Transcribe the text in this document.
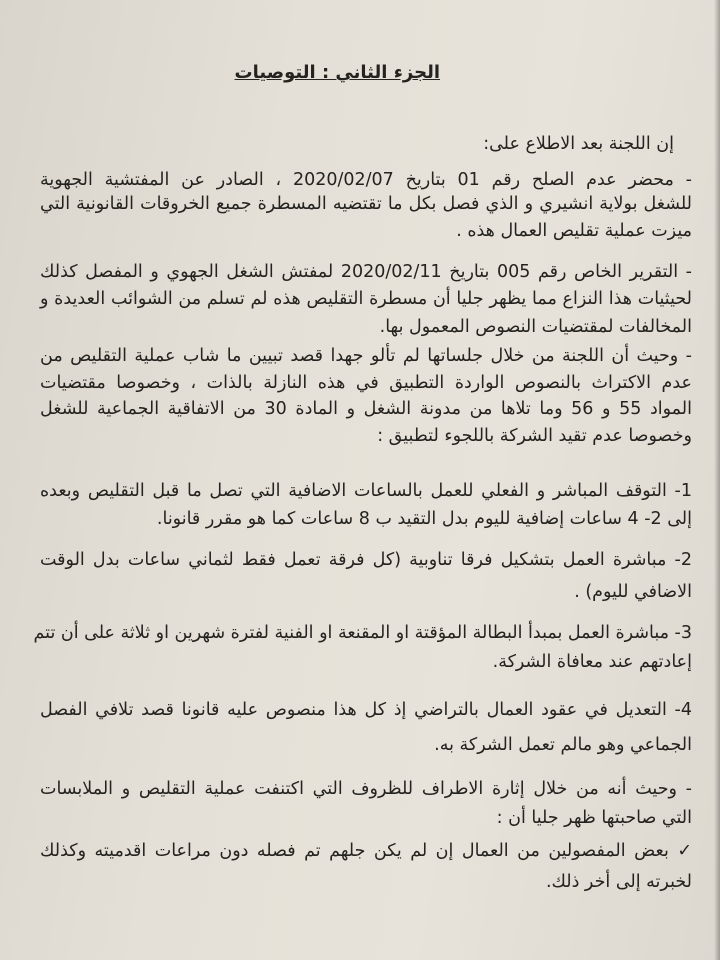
الجزء الثاني : التوصيات
إن اللجنة بعد الاطلاع على:
- محضر عدم الصلح رقم 01 بتاريخ 2020/02/07 ، الصادر عن المفتشية الجهوية
للشغل بولاية انشيري و الذي فصل بكل ما تقتضيه المسطرة جميع الخروقات القانونية التي
ميزت عملية تقليص العمال هذه .
- التقرير الخاص رقم 005 بتاريخ 2020/02/11 لمفتش الشغل الجهوي و المفصل كذلك
لحيثيات هذا النزاع مما يظهر جليا أن مسطرة التقليص هذه لم تسلم من الشوائب العديدة و
المخالفات لمقتضيات النصوص المعمول بها.
- وحيث أن اللجنة من خلال جلساتها لم تألو جهدا قصد تبيين ما شاب عملية التقليص من
عدم الاكتراث بالنصوص الواردة التطبيق في هذه النازلة بالذات ، وخصوصا مقتضيات
المواد 55 و 56 وما تلاها من مدونة الشغل و المادة 30 من الاتفاقية الجماعية للشغل
وخصوصا عدم تقيد الشركة باللجوء لتطبيق :
1- التوقف المباشر و الفعلي للعمل بالساعات الاضافية التي تصل ما قبل التقليص وبعده
إلى 2- 4 ساعات إضافية لليوم بدل التقيد ب 8 ساعات كما هو مقرر قانونا.
2- مباشرة العمل بتشكيل فرقا تناوبية (كل فرقة تعمل فقط لثماني ساعات بدل الوقت
الاضافي لليوم) .
3- مباشرة العمل بمبدأ البطالة المؤقتة او المقنعة او الفنية لفترة شهرين او ثلاثة على أن تتم
إعادتهم عند معافاة الشركة.
4- التعديل في عقود العمال بالتراضي إذ كل هذا منصوص عليه قانونا قصد تلافي الفصل
الجماعي وهو مالم تعمل الشركة به.
- وحيث أنه من خلال إثارة الاطراف للظروف التي اكتنفت عملية التقليص و الملابسات
التي صاحبتها ظهر جليا أن :
✓ بعض المفصولين من العمال إن لم يكن جلهم تم فصله دون مراعات اقدميته وكذلك
لخبرته إلى أخر ذلك.
